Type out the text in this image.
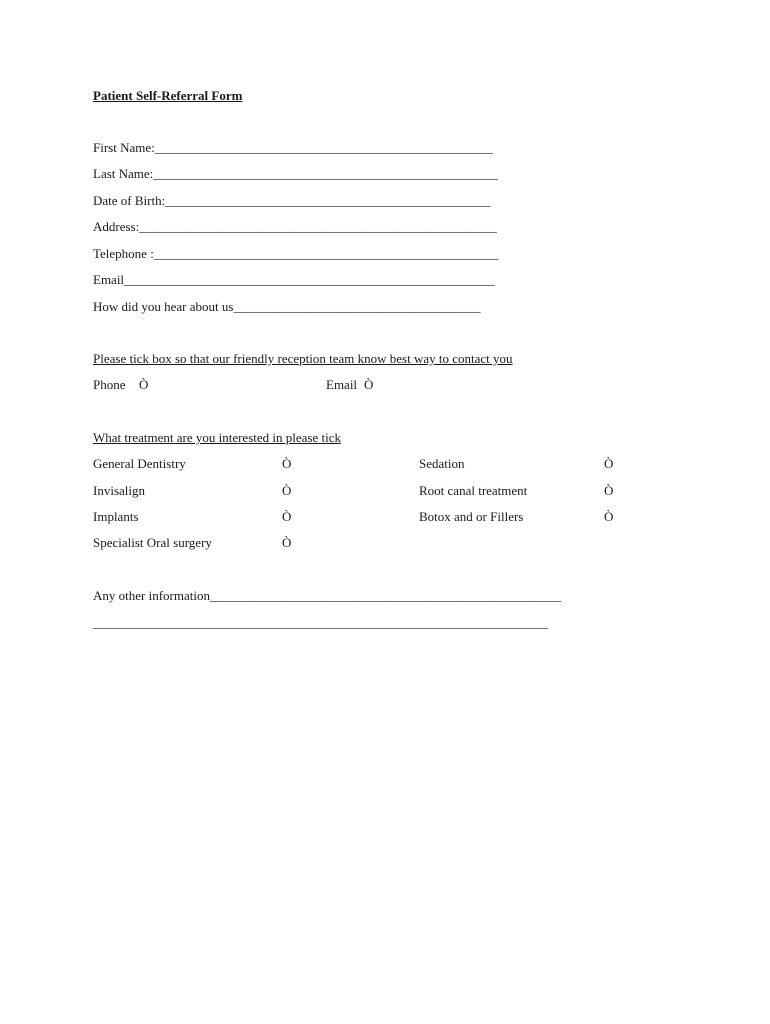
Patient Self-Referral Form
First Name:____________________________________________________
Last Name:_____________________________________________________
Date of Birth:__________________________________________________
Address:_______________________________________________________
Telephone :_____________________________________________________
Email_________________________________________________________
How did you hear about us______________________________________
Please tick box so that our friendly reception team know best way to contact you
Phone Ò	Email Ò
What treatment are you interested in please tick
General Dentistry	Ò	Sedation	Ò
Invisalign	Ò	Root canal treatment	Ò
Implants	Ò	Botox and or Fillers	Ò
Specialist Oral surgery	Ò
Any other information______________________________________________________
______________________________________________________________________
